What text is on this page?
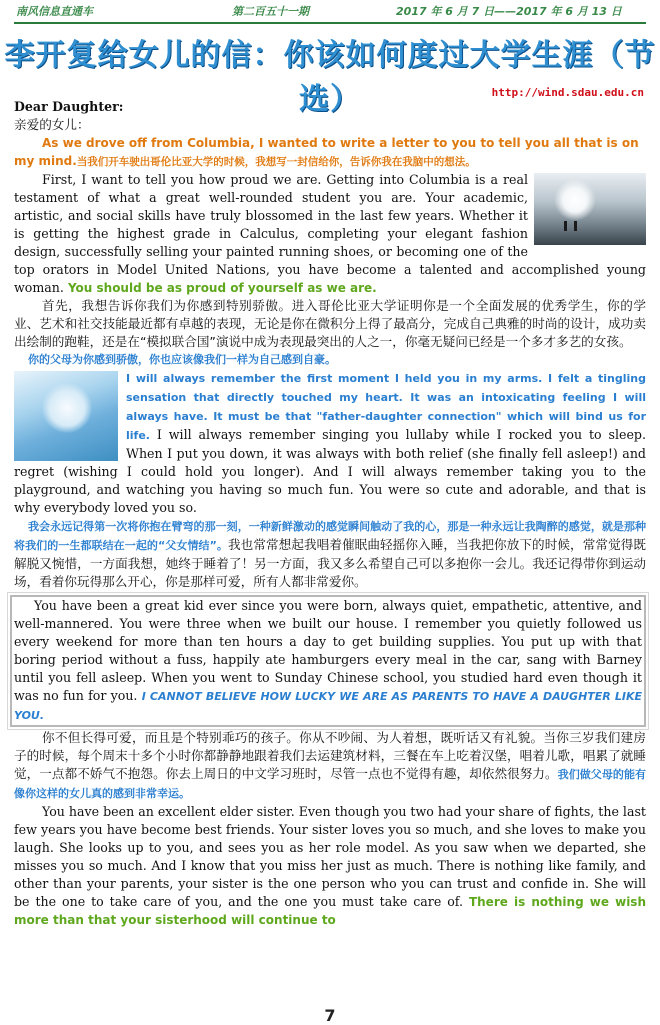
南风信息直通车	第二百五十一期	2017 年 6 月 7 日——2017 年 6 月 13 日
李开复给女儿的信：你该如何度过大学生涯（节选）	http://wind.sdau.edu.cn

Dear Daughter:

亲爱的女儿：

As we drove off from Columbia, I wanted to write a letter to you to tell you all that is on my mind.当我们开车驶出哥伦比亚大学的时候，我想写一封信给你，告诉你我在我脑中的想法。

First, I want to tell you how proud we are. Getting into Columbia is a real testament of what a great well-rounded student you are. Your academic, artistic, and social skills have truly blossomed in the last few years. Whether it is getting the highest grade in Calculus, completing your elegant fashion design, successfully selling your painted running shoes, or becoming one of the top orators in Model United Nations, you have become a talented and accomplished young woman. You should be as proud of yourself as we are.

首先，我想告诉你我们为你感到特别骄傲。进入哥伦比亚大学证明你是一个全面发展的优秀学生，你的学业、艺术和社交技能最近都有卓越的表现，无论是你在微积分上得了最高分，完成自己典雅的时尚的设计，成功卖出绘制的跑鞋，还是在“模拟联合国”演说中成为表现最突出的人之一，你毫无疑问已经是一个多才多艺的女孩。

你的父母为你感到骄傲，你也应该像我们一样为自己感到自豪。

I will always remember the first moment I held you in my arms. I felt a tingling sensation that directly touched my heart. It was an intoxicating feeling I will always have. It must be that "father-daughter connection" which will bind us for life. I will always remember singing you lullaby while I rocked you to sleep. When I put you down, it was always with both relief (she finally fell asleep!) and regret (wishing I could hold you longer). And I will always remember taking you to the playground, and watching you having so much fun. You were so cute and adorable, and that is why everybody loved you so.

我会永远记得第一次将你抱在臂弯的那一刻，一种新鲜激动的感觉瞬间触动了我的心，那是一种永远让我陶醉的感觉，就是那种将我们的一生都联结在一起的“父女情结”。我也常常想起我唱着催眠曲轻摇你入睡，当我把你放下的时候，常常觉得既解脱又惋惜，一方面我想，她终于睡着了！另一方面，我又多么希望自己可以多抱你一会儿。我还记得带你到运动场，看着你玩得那么开心，你是那样可爱，所有人都非常爱你。

You have been a great kid ever since you were born, always quiet, empathetic, attentive, and well-mannered. You were three when we built our house. I remember you quietly followed us every weekend for more than ten hours a day to get building supplies. You put up with that boring period without a fuss, happily ate hamburgers every meal in the car, sang with Barney until you fell asleep. When you went to Sunday Chinese school, you studied hard even though it was no fun for you. I CANNOT BELIEVE HOW LUCKY WE ARE AS PARENTS TO HAVE A DAUGHTER LIKE YOU.

你不但长得可爱，而且是个特别乖巧的孩子。你从不吵闹、为人着想，既听话又有礼貌。当你三岁我们建房子的时候，每个周末十多个小时你都静静地跟着我们去运建筑材料，三餐在车上吃着汉堡，唱着儿歌，唱累了就睡觉，一点都不娇气不抱怨。你去上周日的中文学习班时，尽管一点也不觉得有趣，却依然很努力。我们做父母的能有像你这样的女儿真的感到非常幸运。

You have been an excellent elder sister. Even though you two had your share of fights, the last few years you have become best friends. Your sister loves you so much, and she loves to make you laugh. She looks up to you, and sees you as her role model. As you saw when we departed, she misses you so much. And I know that you miss her just as much. There is nothing like family, and other than your parents, your sister is the one person who you can trust and confide in. She will be the one to take care of you, and the one you must take care of. There is nothing we wish more than that your sisterhood will continue to

7
